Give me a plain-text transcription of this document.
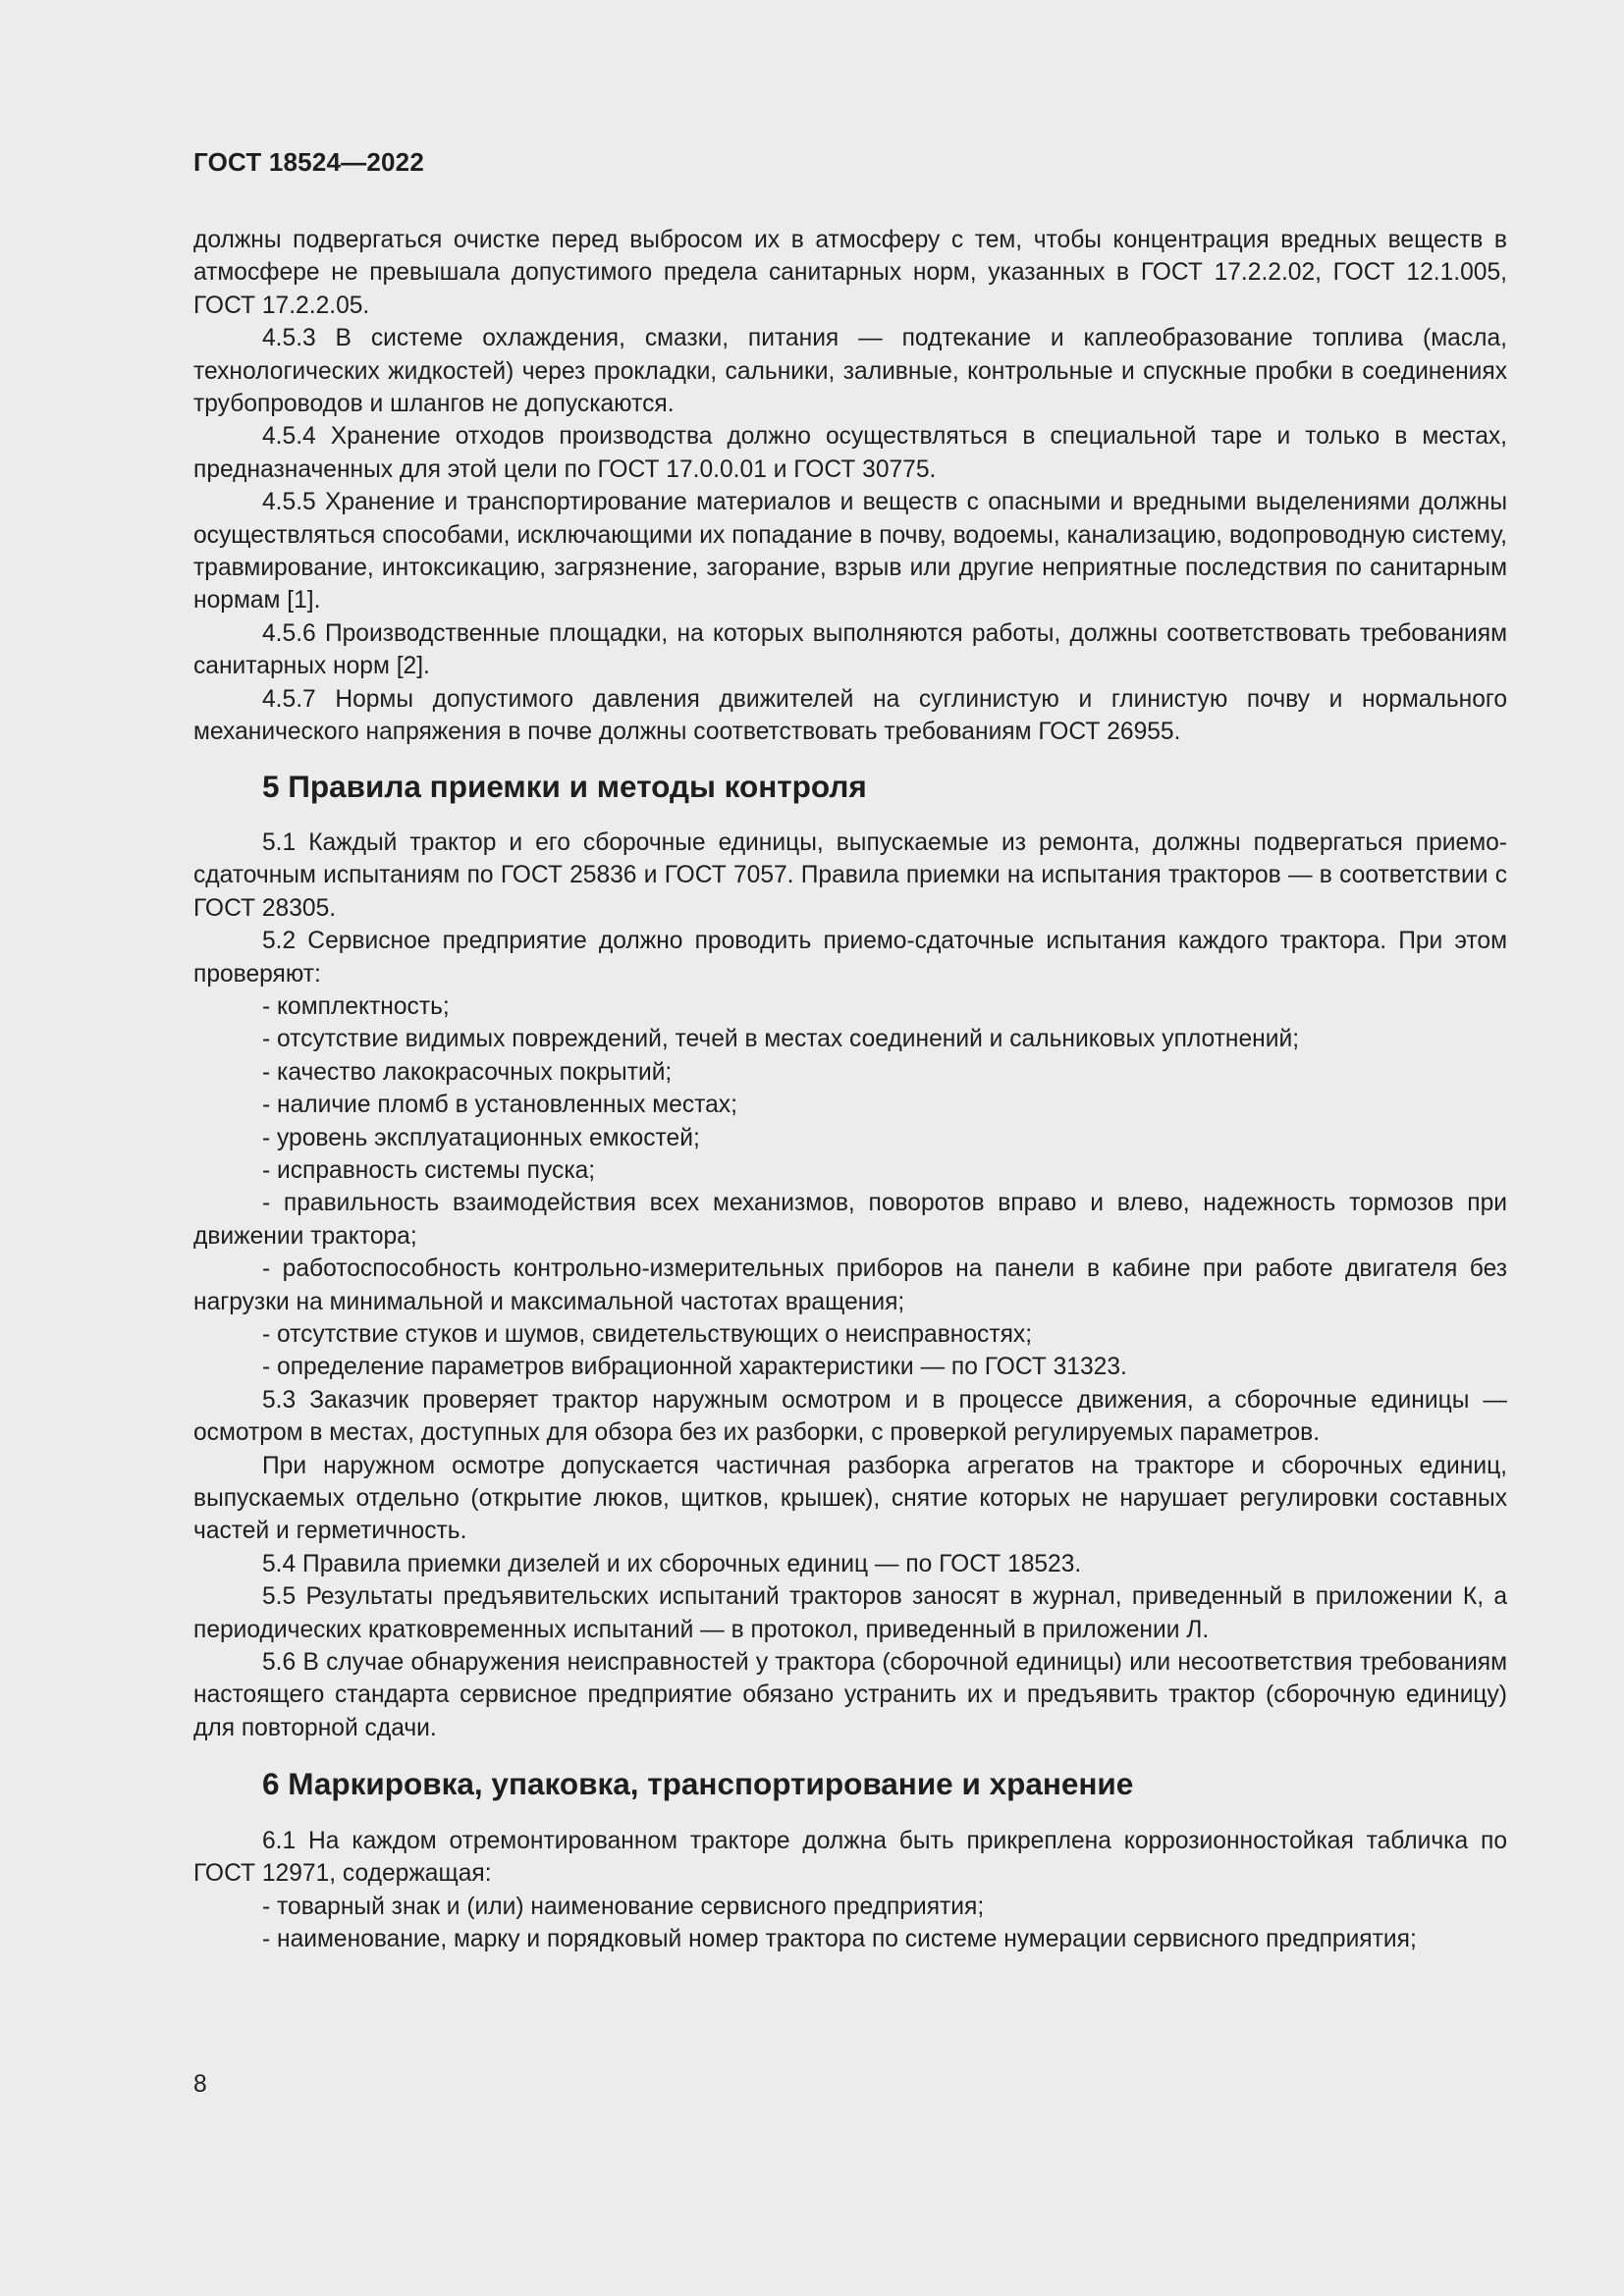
ГОСТ 18524—2022

должны подвергаться очистке перед выбросом их в атмосферу с тем, чтобы концентрация вредных веществ в атмосфере не превышала допустимого предела санитарных норм, указанных в ГОСТ 17.2.2.02, ГОСТ 12.1.005, ГОСТ 17.2.2.05.

4.5.3 В системе охлаждения, смазки, питания — подтекание и каплеобразование топлива (масла, технологических жидкостей) через прокладки, сальники, заливные, контрольные и спускные пробки в соединениях трубопроводов и шлангов не допускаются.

4.5.4 Хранение отходов производства должно осуществляться в специальной таре и только в местах, предназначенных для этой цели по ГОСТ 17.0.0.01 и ГОСТ 30775.

4.5.5 Хранение и транспортирование материалов и веществ с опасными и вредными выделениями должны осуществляться способами, исключающими их попадание в почву, водоемы, канализацию, водопроводную систему, травмирование, интоксикацию, загрязнение, загорание, взрыв или другие неприятные последствия по санитарным нормам [1].

4.5.6 Производственные площадки, на которых выполняются работы, должны соответствовать требованиям санитарных норм [2].

4.5.7 Нормы допустимого давления движителей на суглинистую и глинистую почву и нормального механического напряжения в почве должны соответствовать требованиям ГОСТ 26955.

5 Правила приемки и методы контроля

5.1 Каждый трактор и его сборочные единицы, выпускаемые из ремонта, должны подвергаться приемо-сдаточным испытаниям по ГОСТ 25836 и ГОСТ 7057. Правила приемки на испытания тракторов — в соответствии с ГОСТ 28305.

5.2 Сервисное предприятие должно проводить приемо-сдаточные испытания каждого трактора. При этом проверяют:

- комплектность;

- отсутствие видимых повреждений, течей в местах соединений и сальниковых уплотнений;

- качество лакокрасочных покрытий;

- наличие пломб в установленных местах;

- уровень эксплуатационных емкостей;

- исправность системы пуска;

- правильность взаимодействия всех механизмов, поворотов вправо и влево, надежность тормозов при движении трактора;

- работоспособность контрольно-измерительных приборов на панели в кабине при работе двигателя без нагрузки на минимальной и максимальной частотах вращения;

- отсутствие стуков и шумов, свидетельствующих о неисправностях;

- определение параметров вибрационной характеристики — по ГОСТ 31323.

5.3 Заказчик проверяет трактор наружным осмотром и в процессе движения, а сборочные единицы — осмотром в местах, доступных для обзора без их разборки, с проверкой регулируемых параметров.

При наружном осмотре допускается частичная разборка агрегатов на тракторе и сборочных единиц, выпускаемых отдельно (открытие люков, щитков, крышек), снятие которых не нарушает регулировки составных частей и герметичность.

5.4 Правила приемки дизелей и их сборочных единиц — по ГОСТ 18523.

5.5 Результаты предъявительских испытаний тракторов заносят в журнал, приведенный в приложении К, а периодических кратковременных испытаний — в протокол, приведенный в приложении Л.

5.6 В случае обнаружения неисправностей у трактора (сборочной единицы) или несоответствия требованиям настоящего стандарта сервисное предприятие обязано устранить их и предъявить трактор (сборочную единицу) для повторной сдачи.

6 Маркировка, упаковка, транспортирование и хранение

6.1 На каждом отремонтированном тракторе должна быть прикреплена коррозионностойкая табличка по ГОСТ 12971, содержащая:

- товарный знак и (или) наименование сервисного предприятия;

- наименование, марку и порядковый номер трактора по системе нумерации сервисного предприятия;

8
